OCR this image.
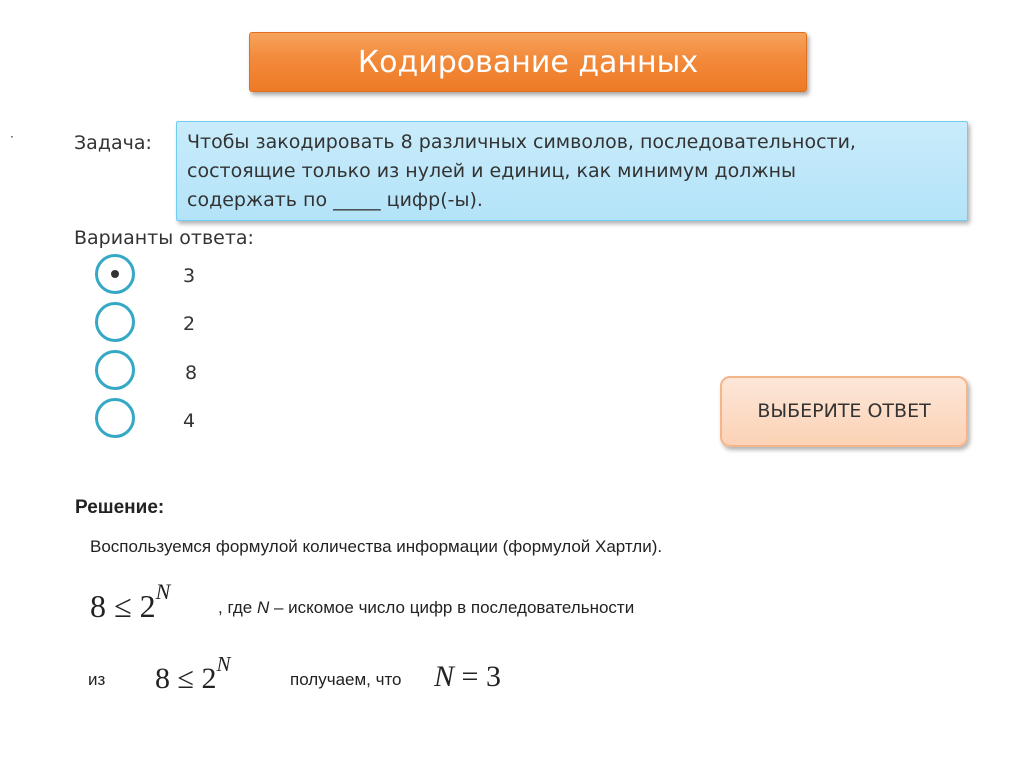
Кодирование данных
·	Задача: Чтобы закодировать 8 различных символов, последовательности,
состоящие только из нулей и единиц, как минимум должны
содержать по _____ цифр(-ы).
Варианты ответа:
3
2
8
4	ВЫБЕРИТЕ ОТВЕТ
Решение:
Воспользуемся формулой количества информации (формулой Хартли).
$8 \le 2^N$
, где N – искомое число цифр в последовательности
из $8 \le 2^N$
получаем, что N = 3
